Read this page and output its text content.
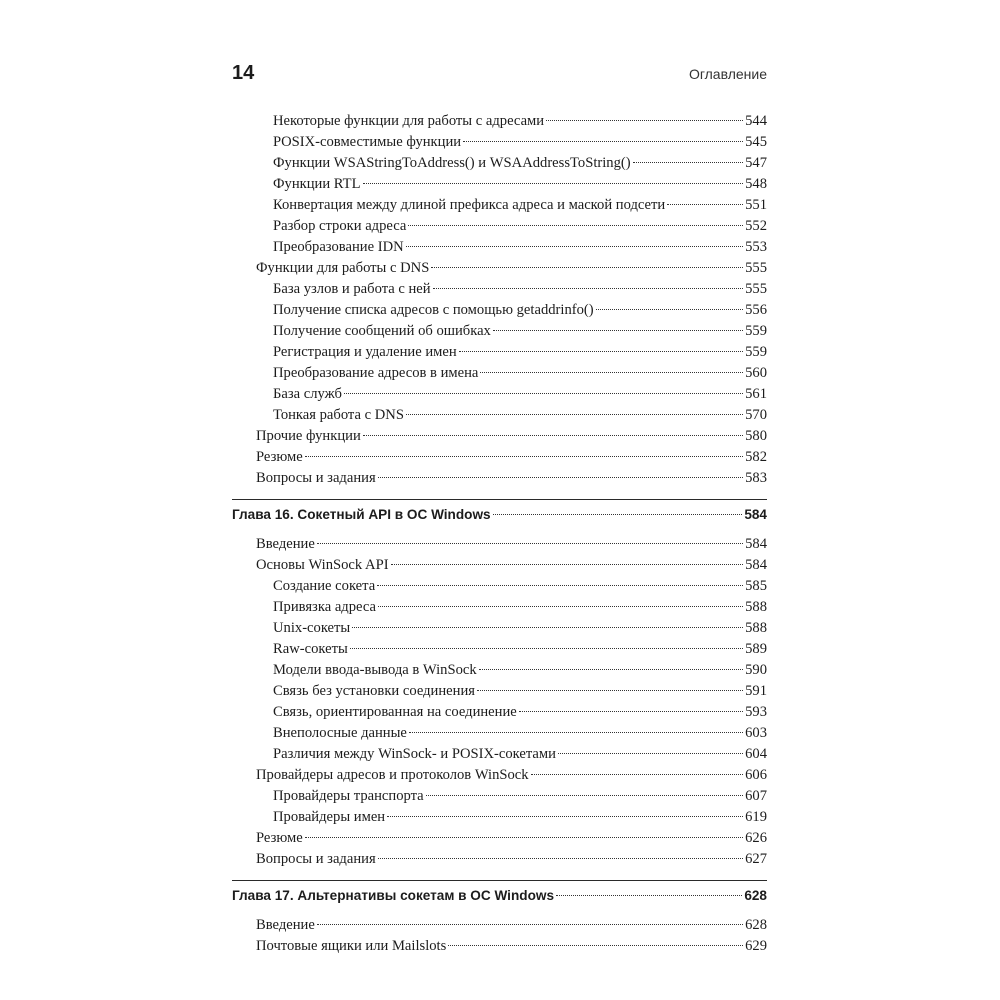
14	Оглавление
Некоторые функции для работы с адресами	544
POSIX-совместимые функции	545
Функции WSAStringToAddress() и WSAAddressToString()	547
Функции RTL	548
Конвертация между длиной префикса адреса и маской подсети	551
Разбор строки адреса	552
Преобразование IDN	553
Функции для работы с DNS	555
База узлов и работа с ней	555
Получение списка адресов с помощью getaddrinfo()	556
Получение сообщений об ошибках	559
Регистрация и удаление имен	559
Преобразование адресов в имена	560
База служб	561
Тонкая работа с DNS	570
Прочие функции	580
Резюме	582
Вопросы и задания	583
Глава 16. Сокетный API в ОС Windows	584
Введение	584
Основы WinSock API	584
Создание сокета	585
Привязка адреса	588
Unix-сокеты	588
Raw-сокеты	589
Модели ввода-вывода в WinSock	590
Связь без установки соединения	591
Связь, ориентированная на соединение	593
Внеполосные данные	603
Различия между WinSock- и POSIX-сокетами	604
Провайдеры адресов и протоколов WinSock	606
Провайдеры транспорта	607
Провайдеры имен	619
Резюме	626
Вопросы и задания	627
Глава 17. Альтернативы сокетам в ОС Windows	628
Введение	628
Почтовые ящики или Mailslots	629
